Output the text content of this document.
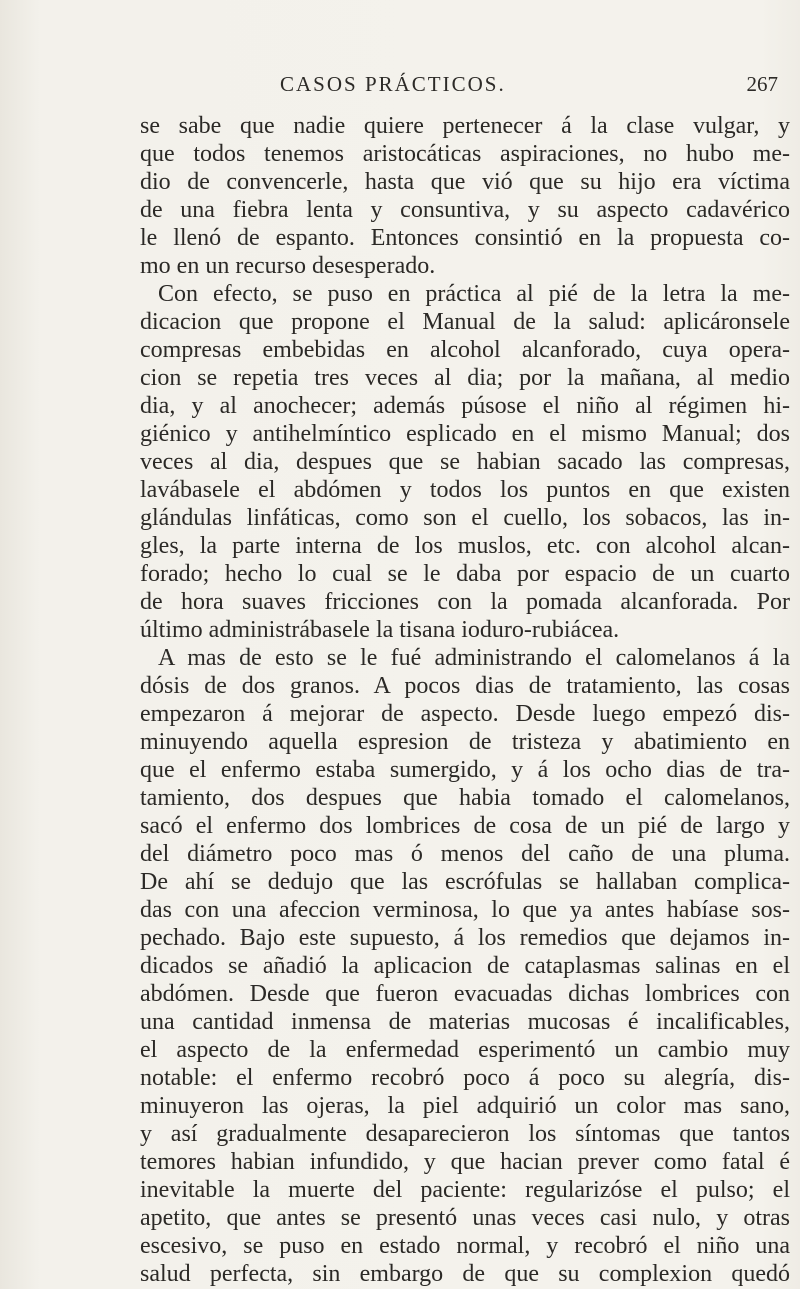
CASOS PRÁCTICOS.	267
se sabe que nadie quiere pertenecer á la clase vulgar, y
que todos tenemos aristocáticas aspiraciones, no hubo me-
dio de convencerle, hasta que vió que su hijo era víctima
de una fiebra lenta y consuntiva, y su aspecto cadavérico
le llenó de espanto. Entonces consintió en la propuesta co-
mo en un recurso desesperado.
Con efecto, se puso en práctica al pié de la letra la me-
dicacion que propone el Manual de la salud: aplicáronsele
compresas embebidas en alcohol alcanforado, cuya opera-
cion se repetia tres veces al dia; por la mañana, al medio
dia, y al anochecer; además púsose el niño al régimen hi-
giénico y antihelmíntico esplicado en el mismo Manual; dos
veces al dia, despues que se habian sacado las compresas,
lavábasele el abdómen y todos los puntos en que existen
glándulas linfáticas, como son el cuello, los sobacos, las in-
gles, la parte interna de los muslos, etc. con alcohol alcan-
forado; hecho lo cual se le daba por espacio de un cuarto
de hora suaves fricciones con la pomada alcanforada. Por
último administrábasele la tisana ioduro-rubiácea.
A mas de esto se le fué administrando el calomelanos á la
dósis de dos granos. A pocos dias de tratamiento, las cosas
empezaron á mejorar de aspecto. Desde luego empezó dis-
minuyendo aquella espresion de tristeza y abatimiento en
que el enfermo estaba sumergido, y á los ocho dias de tra-
tamiento, dos despues que habia tomado el calomelanos,
sacó el enfermo dos lombrices de cosa de un pié de largo y
del diámetro poco mas ó menos del caño de una pluma.
De ahí se dedujo que las escrófulas se hallaban complica-
das con una afeccion verminosa, lo que ya antes habíase sos-
pechado. Bajo este supuesto, á los remedios que dejamos in-
dicados se añadió la aplicacion de cataplasmas salinas en el
abdómen. Desde que fueron evacuadas dichas lombrices con
una cantidad inmensa de materias mucosas é incalificables,
el aspecto de la enfermedad esperimentó un cambio muy
notable: el enfermo recobró poco á poco su alegría, dis-
minuyeron las ojeras, la piel adquirió un color mas sano,
y así gradualmente desaparecieron los síntomas que tantos
temores habian infundido, y que hacian prever como fatal é
inevitable la muerte del paciente: regularizóse el pulso; el
apetito, que antes se presentó unas veces casi nulo, y otras
escesivo, se puso en estado normal, y recobró el niño una
salud perfecta, sin embargo de que su complexion quedó
